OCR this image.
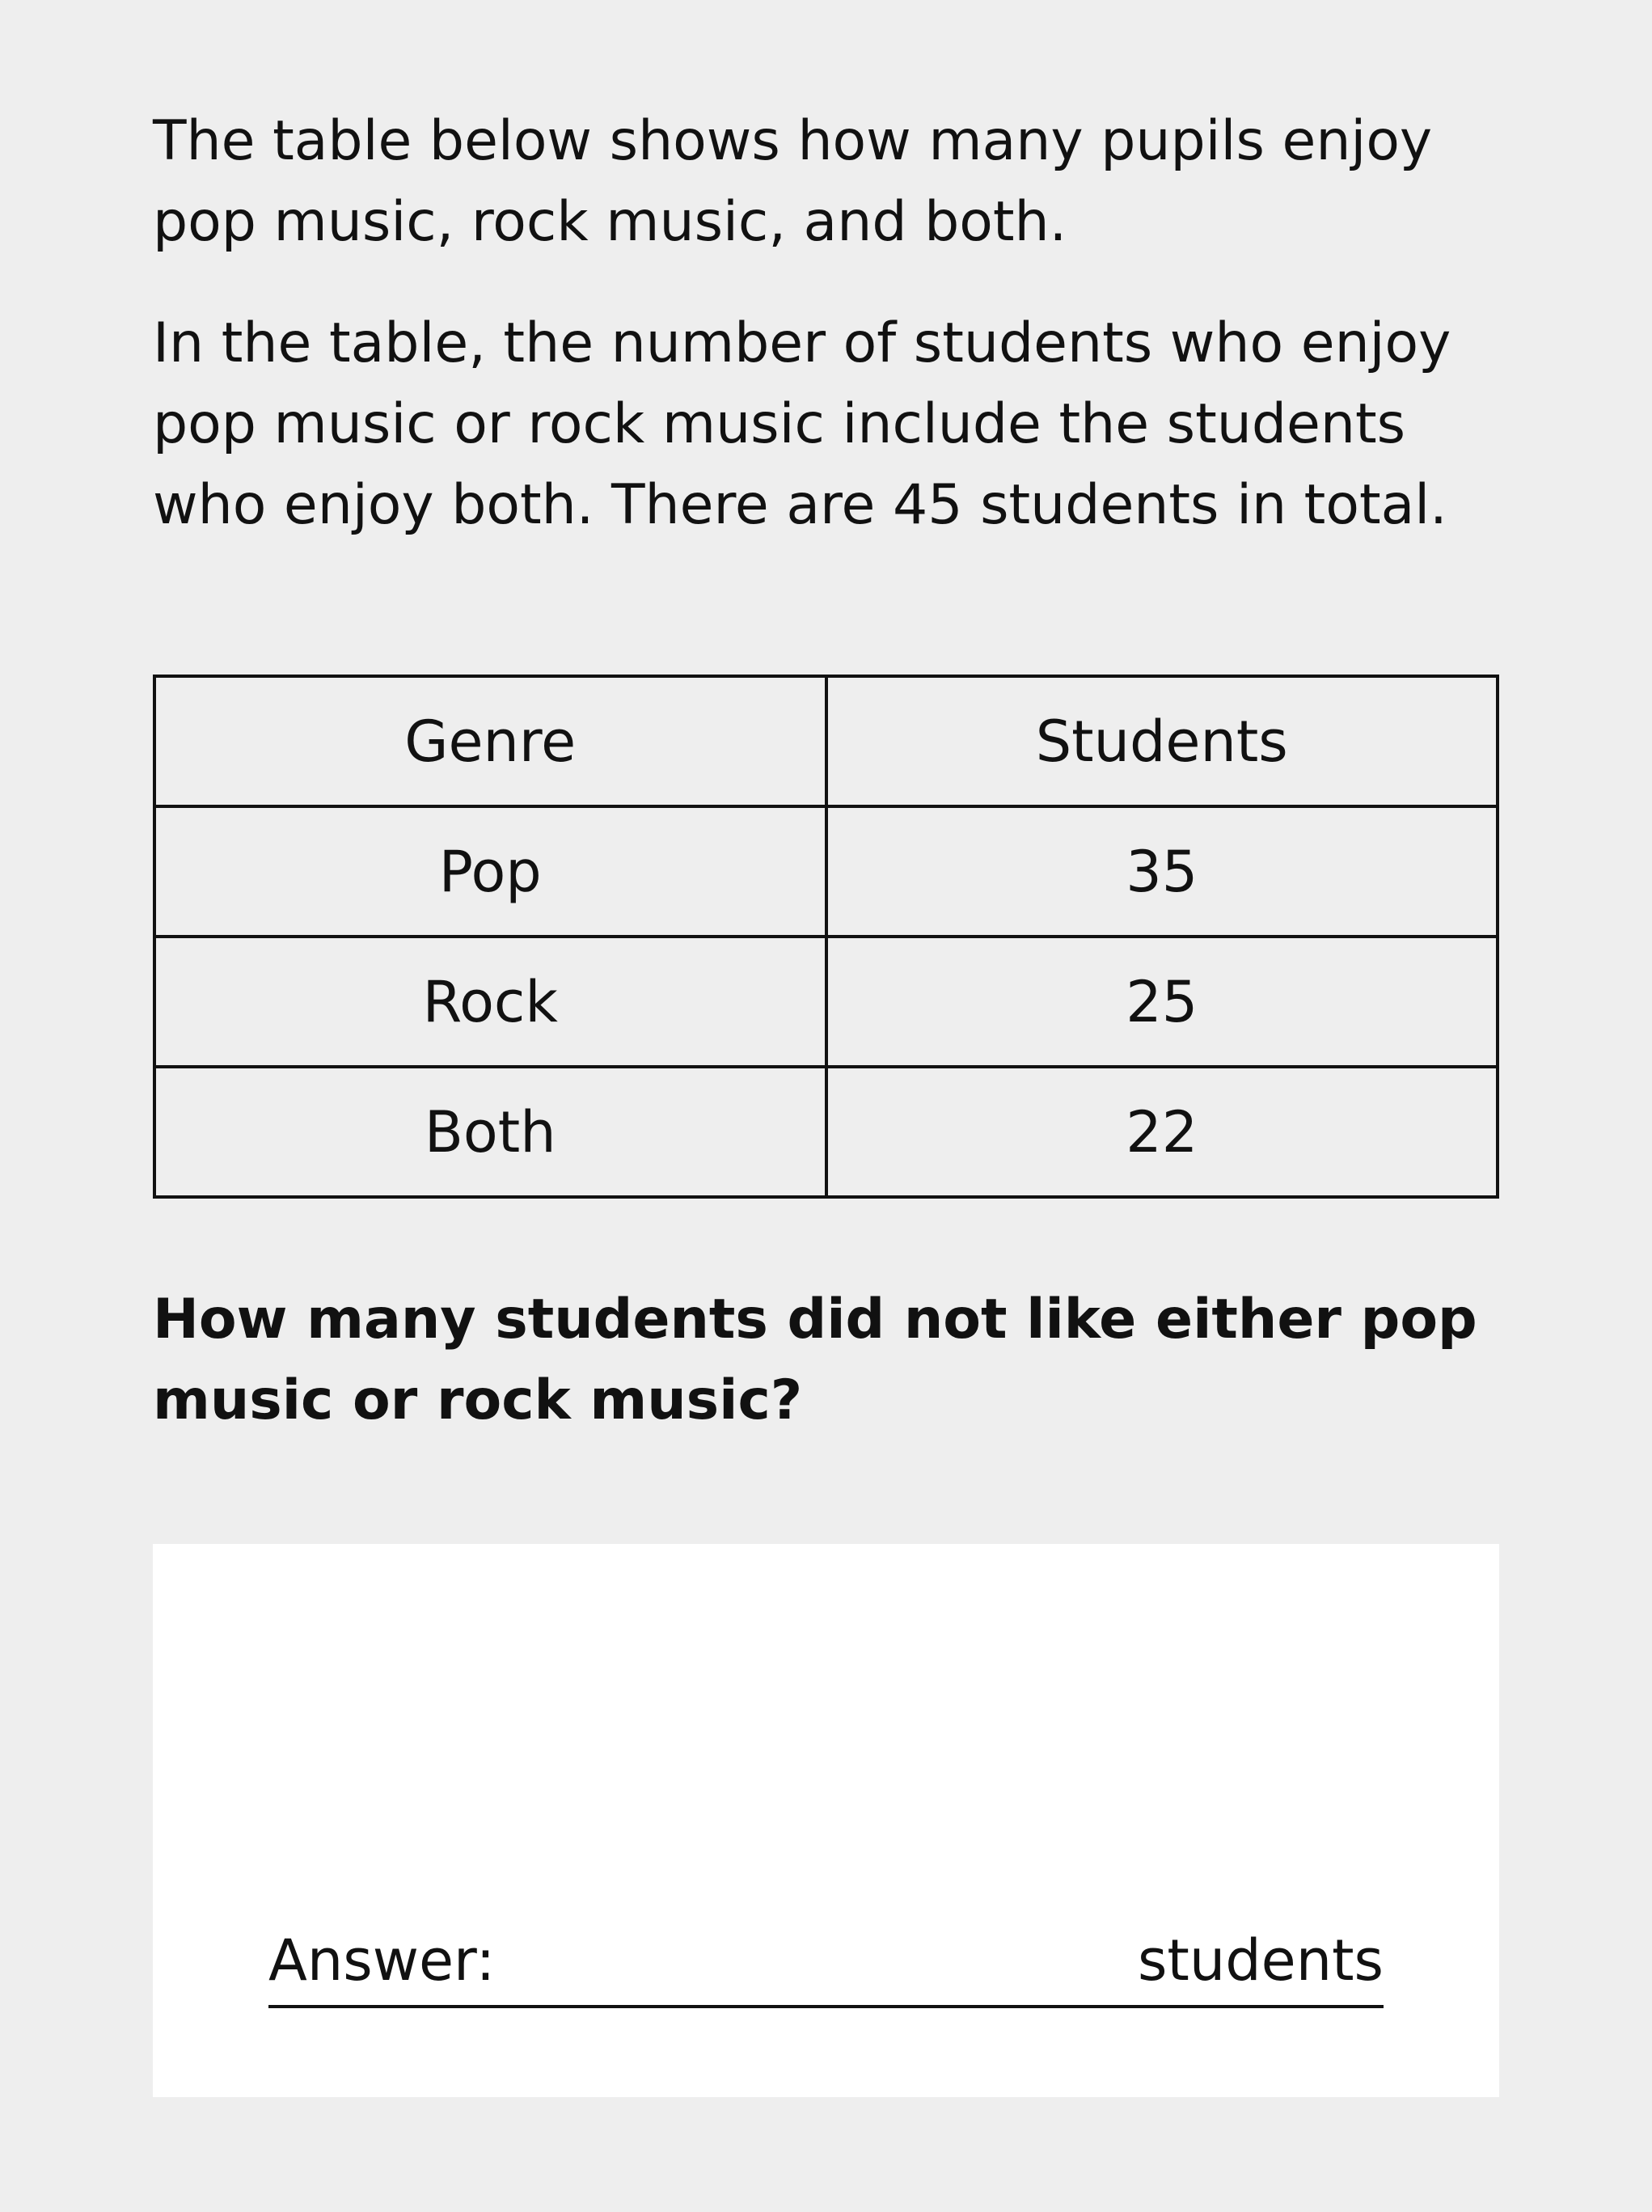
The table below shows how many pupils enjoy pop music, rock music, and both.

In the table, the number of students who enjoy pop music or rock music include the students who enjoy both. There are 45 students in total.

Genre	Students
Pop	35
Rock	25
Both	22

How many students did not like either pop music or rock music?

Answer:	students
